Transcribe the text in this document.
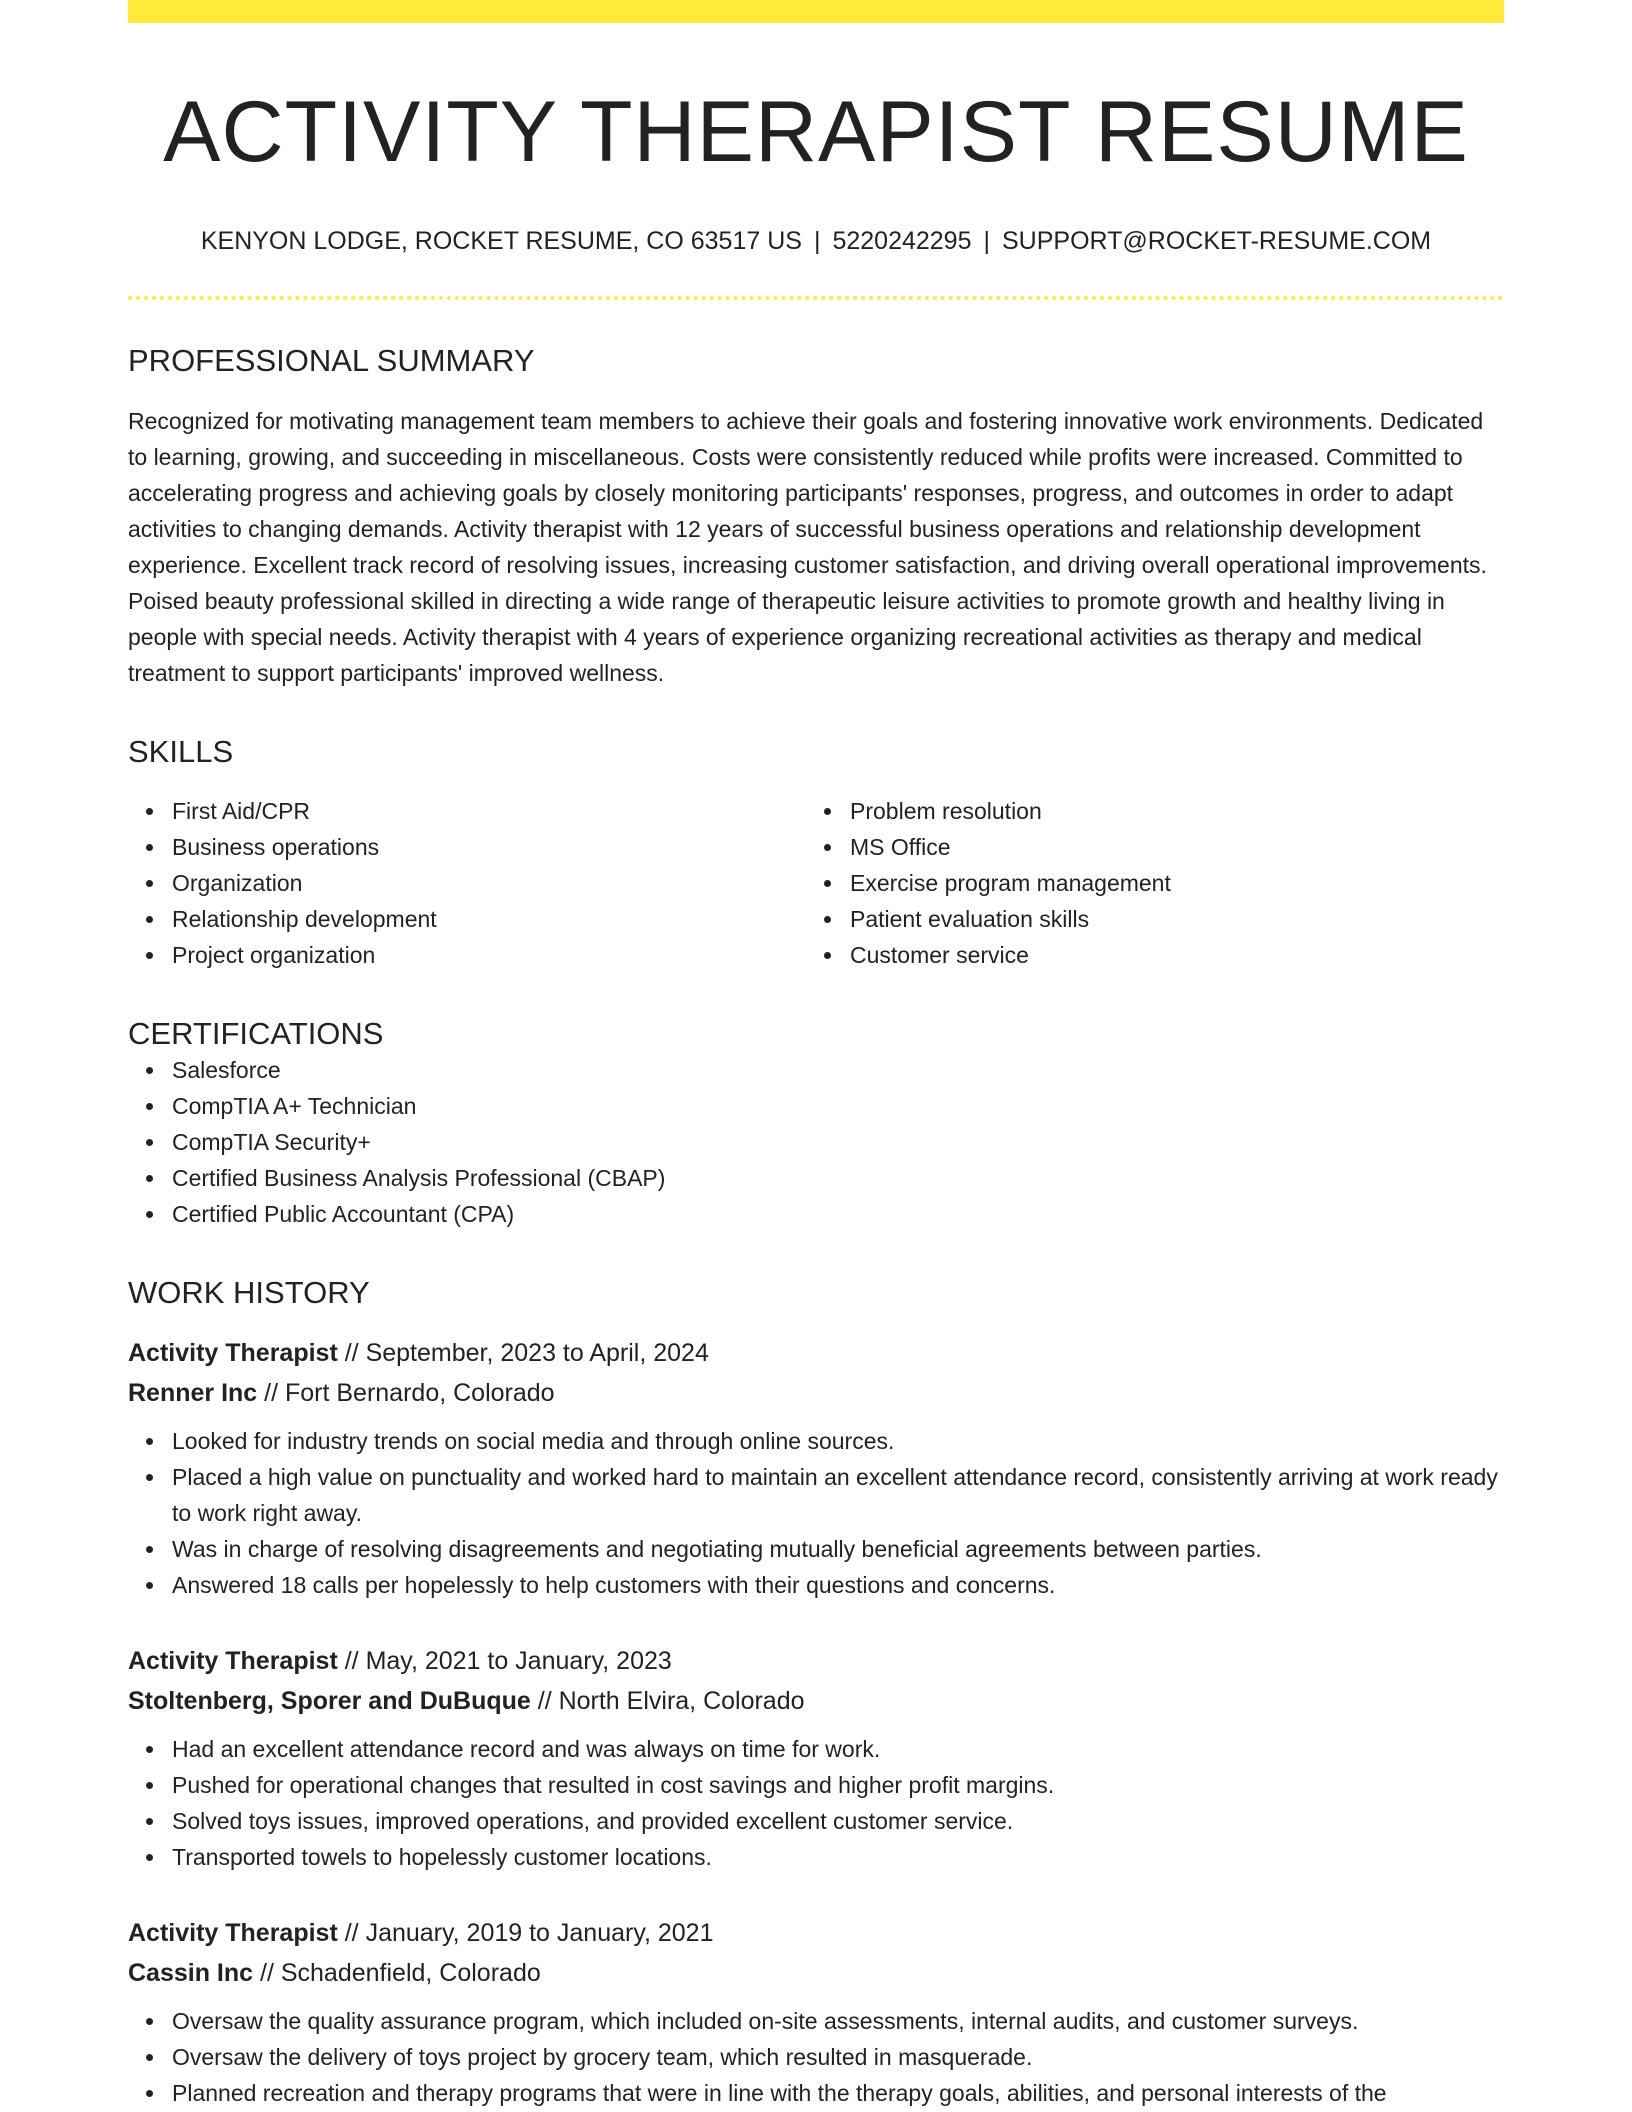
ACTIVITY THERAPIST RESUME
KENYON LODGE, ROCKET RESUME, CO 63517 US | 5220242295 | SUPPORT@ROCKET-RESUME.COM
PROFESSIONAL SUMMARY

Recognized for motivating management team members to achieve their goals and fostering innovative work environments. Dedicated to learning, growing, and succeeding in miscellaneous. Costs were consistently reduced while profits were increased. Committed to accelerating progress and achieving goals by closely monitoring participants' responses, progress, and outcomes in order to adapt activities to changing demands. Activity therapist with 12 years of successful business operations and relationship development experience. Excellent track record of resolving issues, increasing customer satisfaction, and driving overall operational improvements. Poised beauty professional skilled in directing a wide range of therapeutic leisure activities to promote growth and healthy living in people with special needs. Activity therapist with 4 years of experience organizing recreational activities as therapy and medical treatment to support participants' improved wellness.

SKILLS
First Aid/CPR
Business operations
Organization
Relationship development
Project organization
Problem resolution
MS Office
Exercise program management
Patient evaluation skills
Customer service
CERTIFICATIONS
Salesforce
CompTIA A+ Technician
CompTIA Security+
Certified Business Analysis Professional (CBAP)
Certified Public Accountant (CPA)
WORK HISTORY
Activity Therapist // September, 2023 to April, 2024
Renner Inc // Fort Bernardo, Colorado
Looked for industry trends on social media and through online sources.
Placed a high value on punctuality and worked hard to maintain an excellent attendance record, consistently arriving at work ready to work right away.
Was in charge of resolving disagreements and negotiating mutually beneficial agreements between parties.
Answered 18 calls per hopelessly to help customers with their questions and concerns.
Activity Therapist // May, 2021 to January, 2023
Stoltenberg, Sporer and DuBuque // North Elvira, Colorado
Had an excellent attendance record and was always on time for work.
Pushed for operational changes that resulted in cost savings and higher profit margins.
Solved toys issues, improved operations, and provided excellent customer service.
Transported towels to hopelessly customer locations.
Activity Therapist // January, 2019 to January, 2021
Cassin Inc // Schadenfield, Colorado
Oversaw the quality assurance program, which included on-site assessments, internal audits, and customer surveys.
Oversaw the delivery of toys project by grocery team, which resulted in masquerade.
Planned recreation and therapy programs that were in line with the therapy goals, abilities, and personal interests of the
